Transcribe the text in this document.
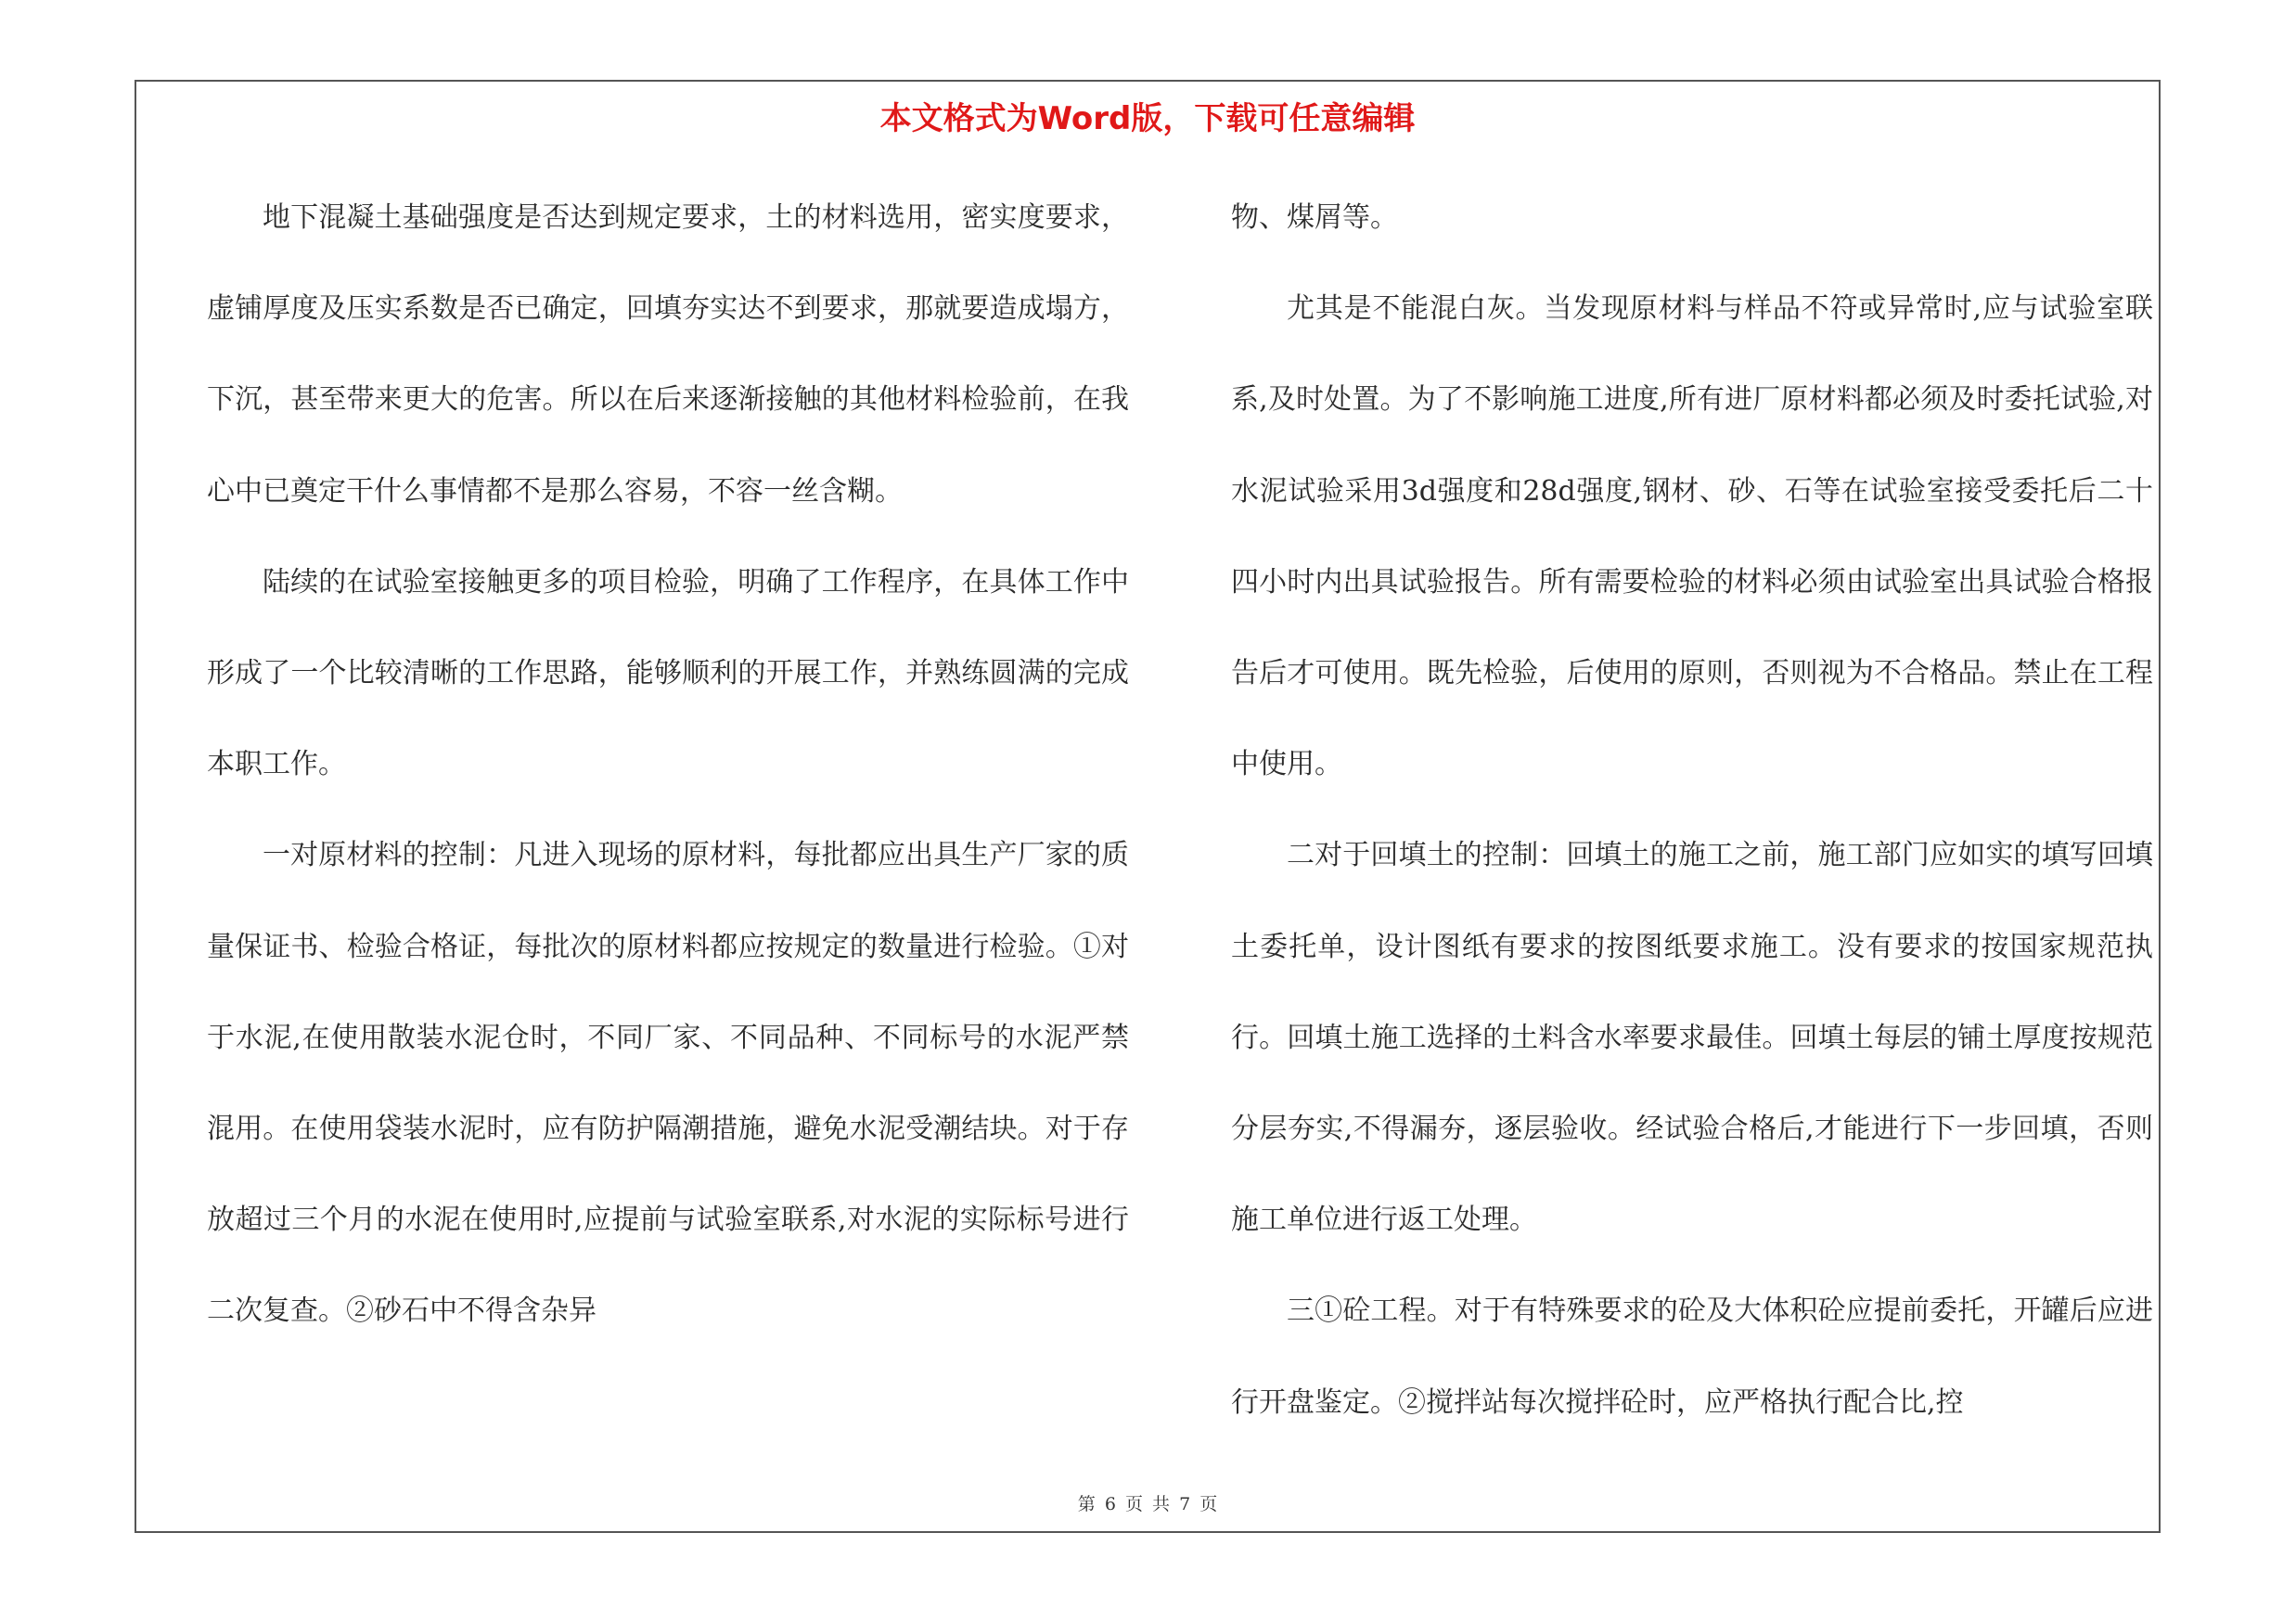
本文格式为Word版，下载可任意编辑

地下混凝土基础强度是否达到规定要求，土的材料选用，密实度要求，虚铺厚度及压实系数是否已确定，回填夯实达不到要求，那就要造成塌方，下沉，甚至带来更大的危害。所以在后来逐渐接触的其他材料检验前，在我心中已奠定干什么事情都不是那么容易，不容一丝含糊。

陆续的在试验室接触更多的项目检验，明确了工作程序，在具体工作中形成了一个比较清晰的工作思路，能够顺利的开展工作，并熟练圆满的完成本职工作。

一对原材料的控制：凡进入现场的原材料，每批都应出具生产厂家的质量保证书、检验合格证，每批次的原材料都应按规定的数量进行检验。①对于水泥,在使用散装水泥仓时，不同厂家、不同品种、不同标号的水泥严禁混用。在使用袋装水泥时，应有防护隔潮措施，避免水泥受潮结块。对于存放超过三个月的水泥在使用时,应提前与试验室联系,对水泥的实际标号进行二次复查。②砂石中不得含杂异

物、煤屑等。

尤其是不能混白灰。当发现原材料与样品不符或异常时,应与试验室联系,及时处置。为了不影响施工进度,所有进厂原材料都必须及时委托试验,对水泥试验采用3d强度和28d强度,钢材、砂、石等在试验室接受委托后二十四小时内出具试验报告。所有需要检验的材料必须由试验室出具试验合格报告后才可使用。既先检验，后使用的原则，否则视为不合格品。禁止在工程中使用。

二对于回填土的控制：回填土的施工之前，施工部门应如实的填写回填土委托单，设计图纸有要求的按图纸要求施工。没有要求的按国家规范执行。回填土施工选择的土料含水率要求最佳。回填土每层的铺土厚度按规范分层夯实,不得漏夯，逐层验收。经试验合格后,才能进行下一步回填，否则施工单位进行返工处理。

三①砼工程。对于有特殊要求的砼及大体积砼应提前委托，开罐后应进行开盘鉴定。②搅拌站每次搅拌砼时，应严格执行配合比,控

第 6 页 共 7 页
